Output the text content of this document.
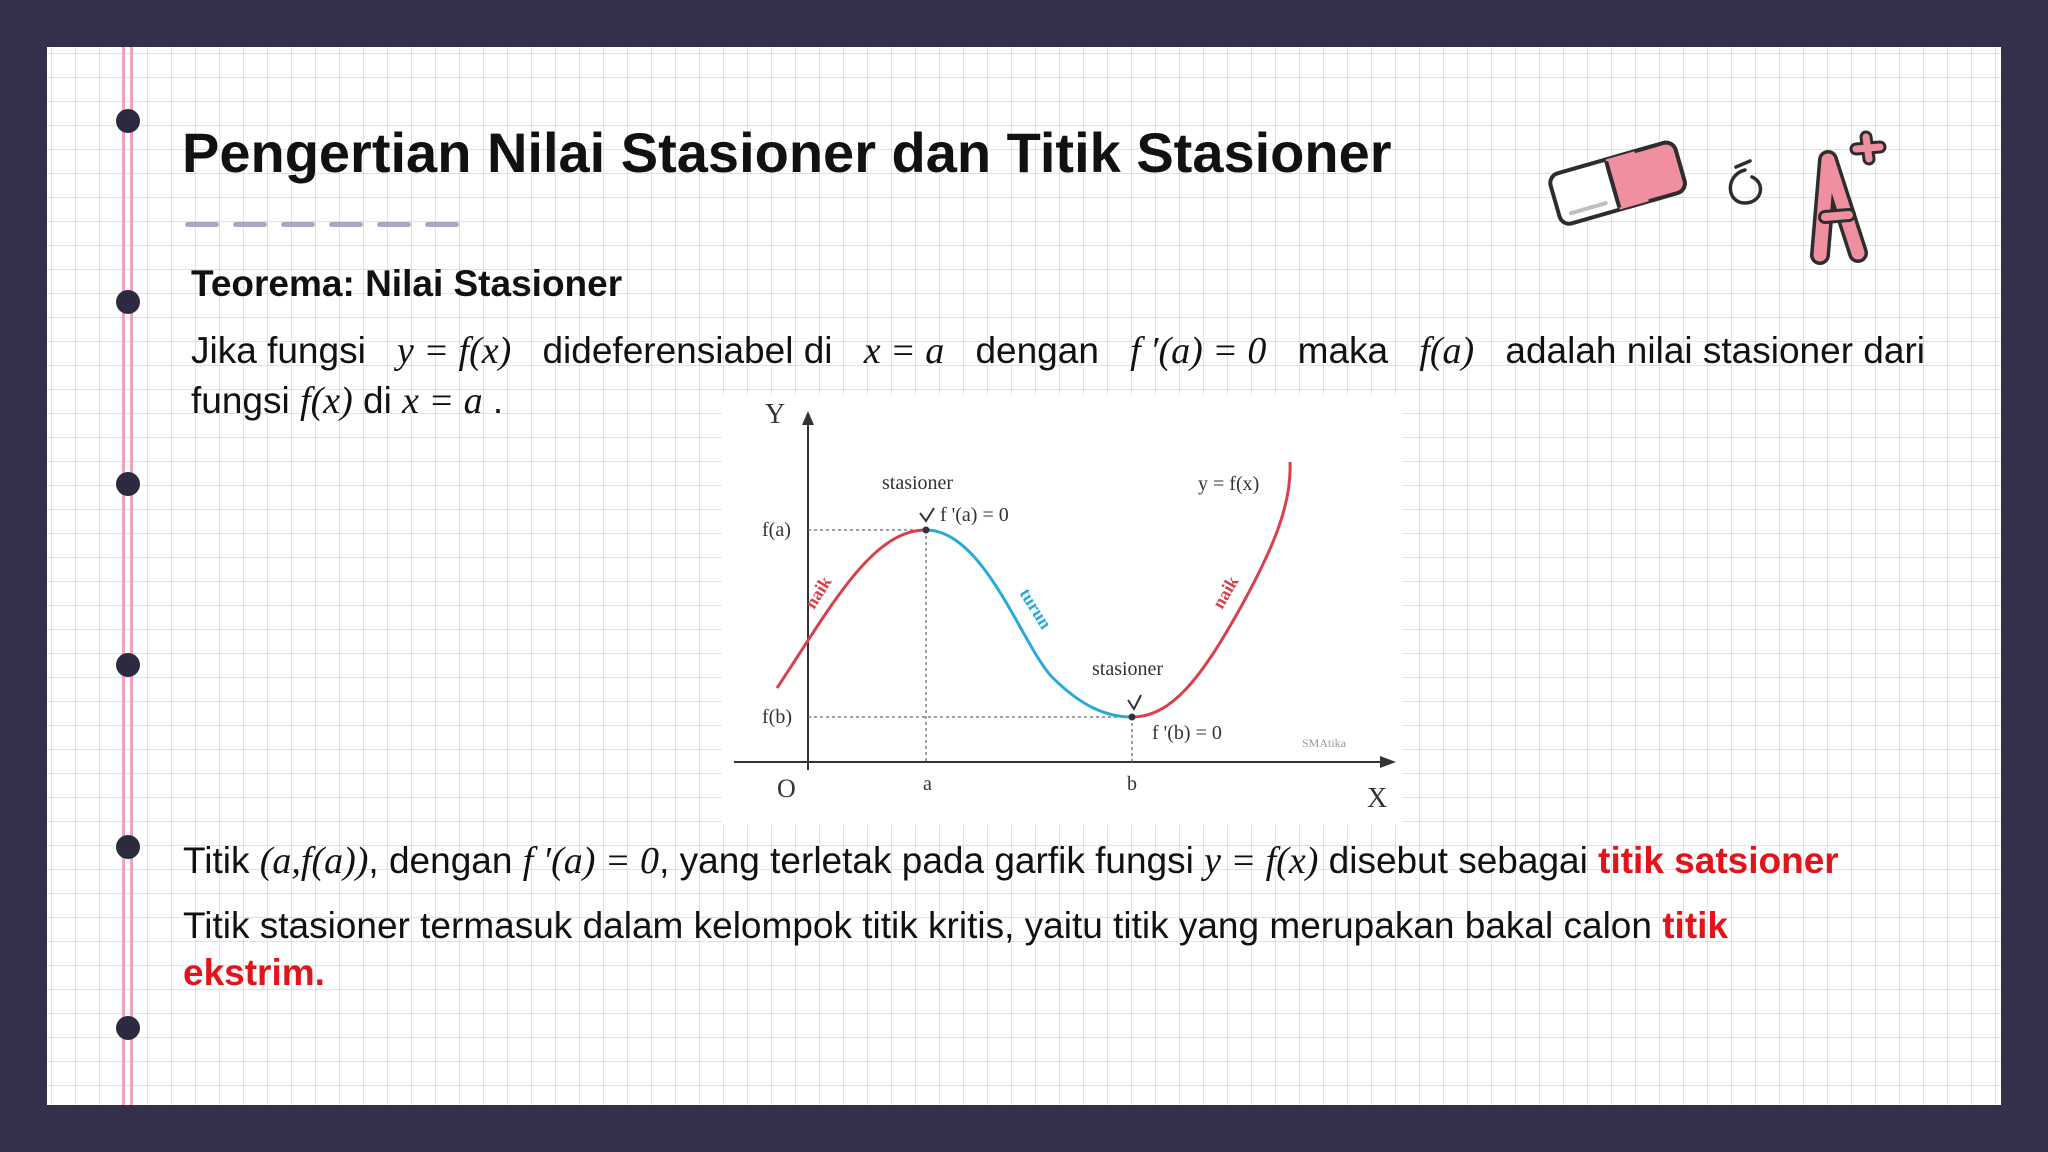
Pengertian Nilai Stasioner dan Titik Stasioner
Teorema: Nilai Stasioner
Jika fungsi y = f(x) dideferensiabel di x = a dengan f ′(a) = 0 maka f(a) adalah nilai stasioner dari
fungsi f(x) di x = a .	Y
X
O	a	b
f(a)
f(b)
stasioner
f '(a) = 0
stasioner
f '(b) = 0
y = f(x)
SMAtika
naik	turun	naik
Titik (a,f(a)), dengan f ′(a) = 0, yang terletak pada garfik fungsi y = f(x) disebut sebagai titik satsioner
Titik stasioner termasuk dalam kelompok titik kritis, yaitu titik yang merupakan bakal calon titik
ekstrim.
